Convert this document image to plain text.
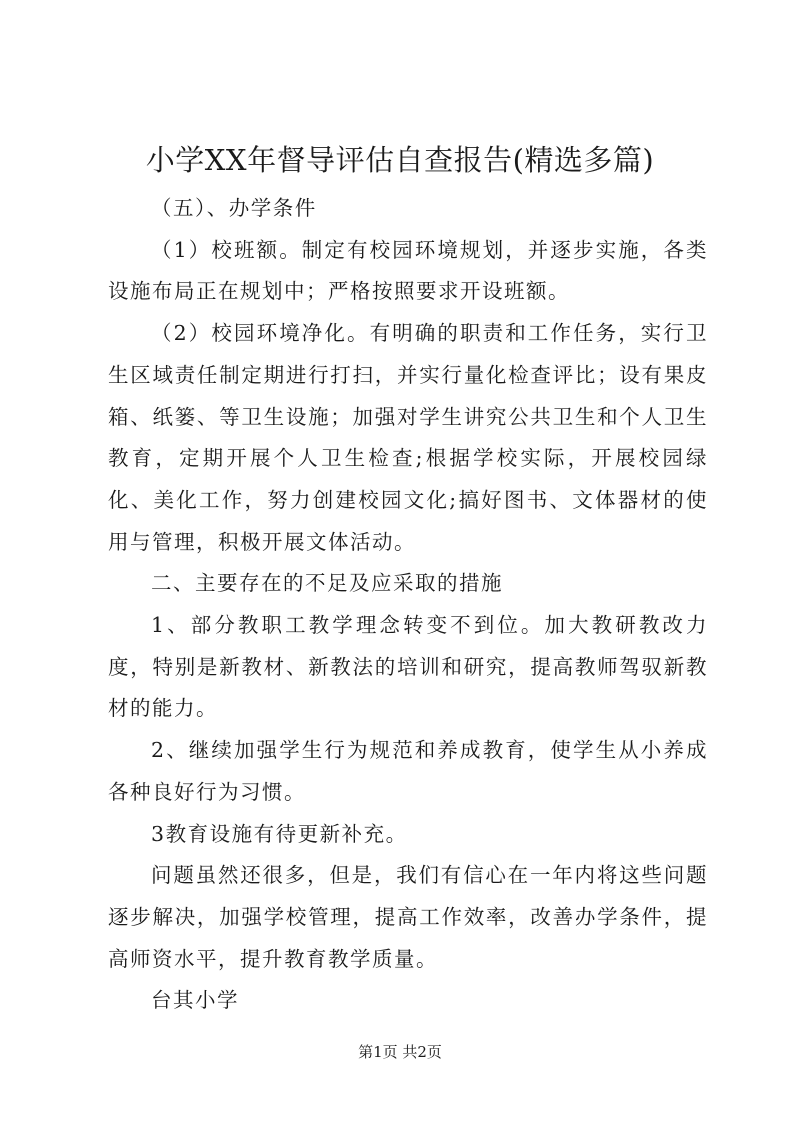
小学XX年督导评估自查报告(精选多篇)

（五）、办学条件

（1）校班额。制定有校园环境规划，并逐步实施，各类设施布局正在规划中；严格按照要求开设班额。

（2）校园环境净化。有明确的职责和工作任务，实行卫生区域责任制定期进行打扫，并实行量化检查评比；设有果皮箱、纸篓、等卫生设施；加强对学生讲究公共卫生和个人卫生教育，定期开展个人卫生检查;根据学校实际，开展校园绿化、美化工作，努力创建校园文化;搞好图书、文体器材的使用与管理，积极开展文体活动。

二、主要存在的不足及应采取的措施

1、部分教职工教学理念转变不到位。加大教研教改力度，特别是新教材、新教法的培训和研究，提高教师驾驭新教材的能力。

2、继续加强学生行为规范和养成教育，使学生从小养成各种良好行为习惯。

3教育设施有待更新补充。

问题虽然还很多，但是，我们有信心在一年内将这些问题逐步解决，加强学校管理，提高工作效率，改善办学条件，提高师资水平，提升教育教学质量。

台其小学

第1页 共2页
